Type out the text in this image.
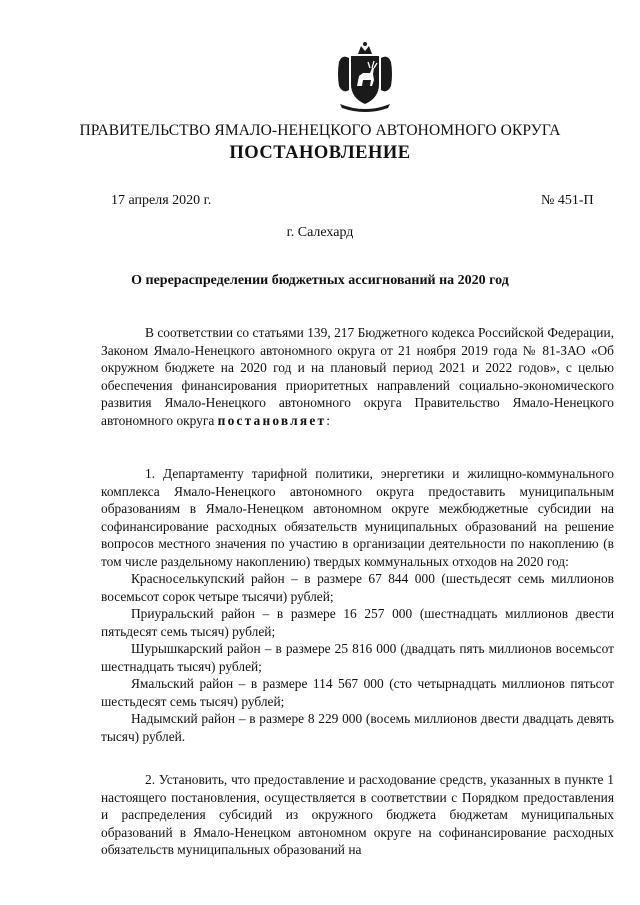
ПРАВИТЕЛЬСТВО ЯМАЛО-НЕНЕЦКОГО АВТОНОМНОГО ОКРУГА
ПОСТАНОВЛЕНИЕ
17 апреля 2020 г.	№ 451-П
г. Салехард
О перераспределении бюджетных ассигнований на 2020 год

В соответствии со статьями 139, 217 Бюджетного кодекса Российской Федерации, Законом Ямало-Ненецкого автономного округа от 21 ноября 2019 года № 81-ЗАО «Об окружном бюджете на 2020 год и на плановый период 2021 и 2022 годов», с целью обеспечения финансирования приоритетных направлений социально-экономического развития Ямало-Ненецкого автономного округа Правительство Ямало-Ненецкого автономного округа постановляет:

1. Департаменту тарифной политики, энергетики и жилищно-коммунального комплекса Ямало-Ненецкого автономного округа предоставить муниципальным образованиям в Ямало-Ненецком автономном округе межбюджетные субсидии на софинансирование расходных обязательств муниципальных образований на решение вопросов местного значения по участию в организации деятельности по накоплению (в том числе раздельному накоплению) твердых коммунальных отходов на 2020 год:

Красноселькупский район – в размере 67 844 000 (шестьдесят семь миллионов восемьсот сорок четыре тысячи) рублей;

Приуральский район – в размере 16 257 000 (шестнадцать миллионов двести пятьдесят семь тысяч) рублей;

Шурышкарский район – в размере 25 816 000 (двадцать пять миллионов восемьсот шестнадцать тысяч) рублей;

Ямальский район – в размере 114 567 000 (сто четырнадцать миллионов пятьсот шестьдесят семь тысяч) рублей;

Надымский район – в размере 8 229 000 (восемь миллионов двести двадцать девять тысяч) рублей.

2. Установить, что предоставление и расходование средств, указанных в пункте 1 настоящего постановления, осуществляется в соответствии с Порядком предоставления и распределения субсидий из окружного бюджета бюджетам муниципальных образований в Ямало-Ненецком автономном округе на софинансирование расходных обязательств муниципальных образований на
